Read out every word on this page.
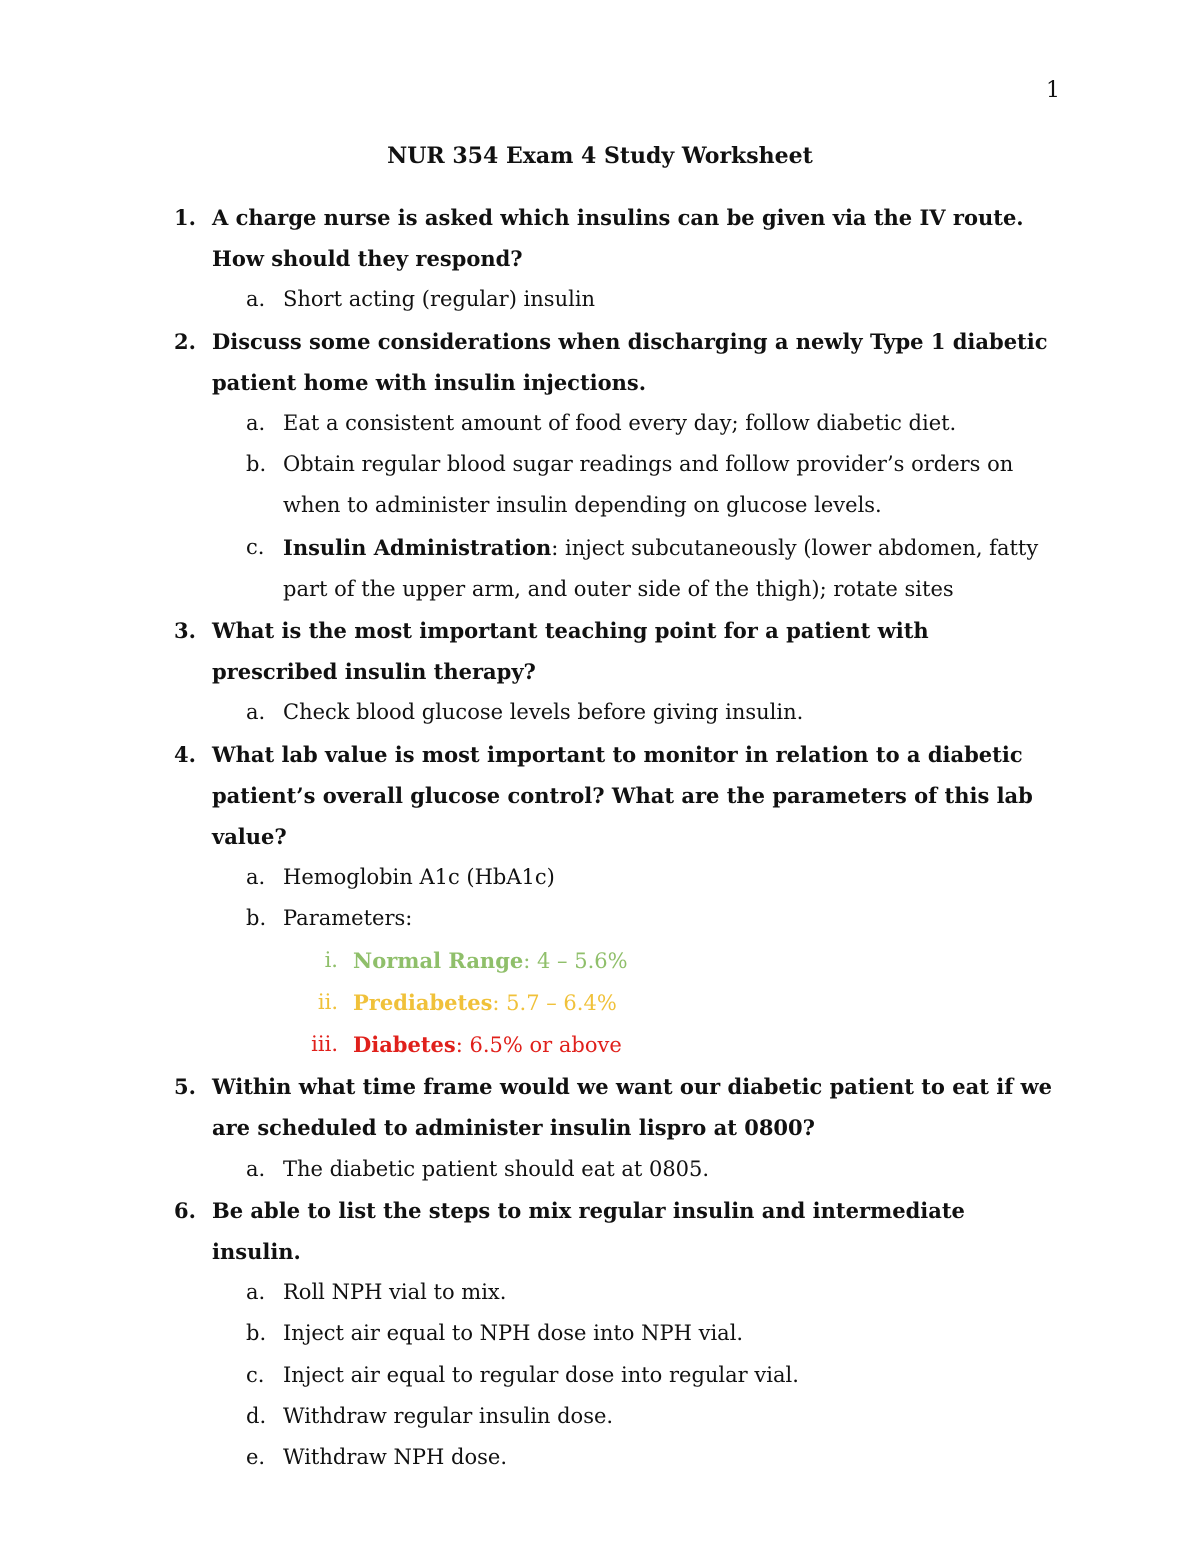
1
NUR 354 Exam 4 Study Worksheet
1. A charge nurse is asked which insulins can be given via the IV route. How should they respond?
a. Short acting (regular) insulin
2. Discuss some considerations when discharging a newly Type 1 diabetic patient home with insulin injections.
a. Eat a consistent amount of food every day; follow diabetic diet.
b. Obtain regular blood sugar readings and follow provider’s orders on when to administer insulin depending on glucose levels.
c. Insulin Administration: inject subcutaneously (lower abdomen, fatty part of the upper arm, and outer side of the thigh); rotate sites
3. What is the most important teaching point for a patient with prescribed insulin therapy?
a. Check blood glucose levels before giving insulin.
4. What lab value is most important to monitor in relation to a diabetic patient’s overall glucose control? What are the parameters of this lab value?
a. Hemoglobin A1c (HbA1c)
b. Parameters:
i. Normal Range: 4 – 5.6%
ii. Prediabetes: 5.7 – 6.4%
iii. Diabetes: 6.5% or above
5. Within what time frame would we want our diabetic patient to eat if we are scheduled to administer insulin lispro at 0800?
a. The diabetic patient should eat at 0805.
6. Be able to list the steps to mix regular insulin and intermediate insulin.
a. Roll NPH vial to mix.
b. Inject air equal to NPH dose into NPH vial.
c. Inject air equal to regular dose into regular vial.
d. Withdraw regular insulin dose.
e. Withdraw NPH dose.
